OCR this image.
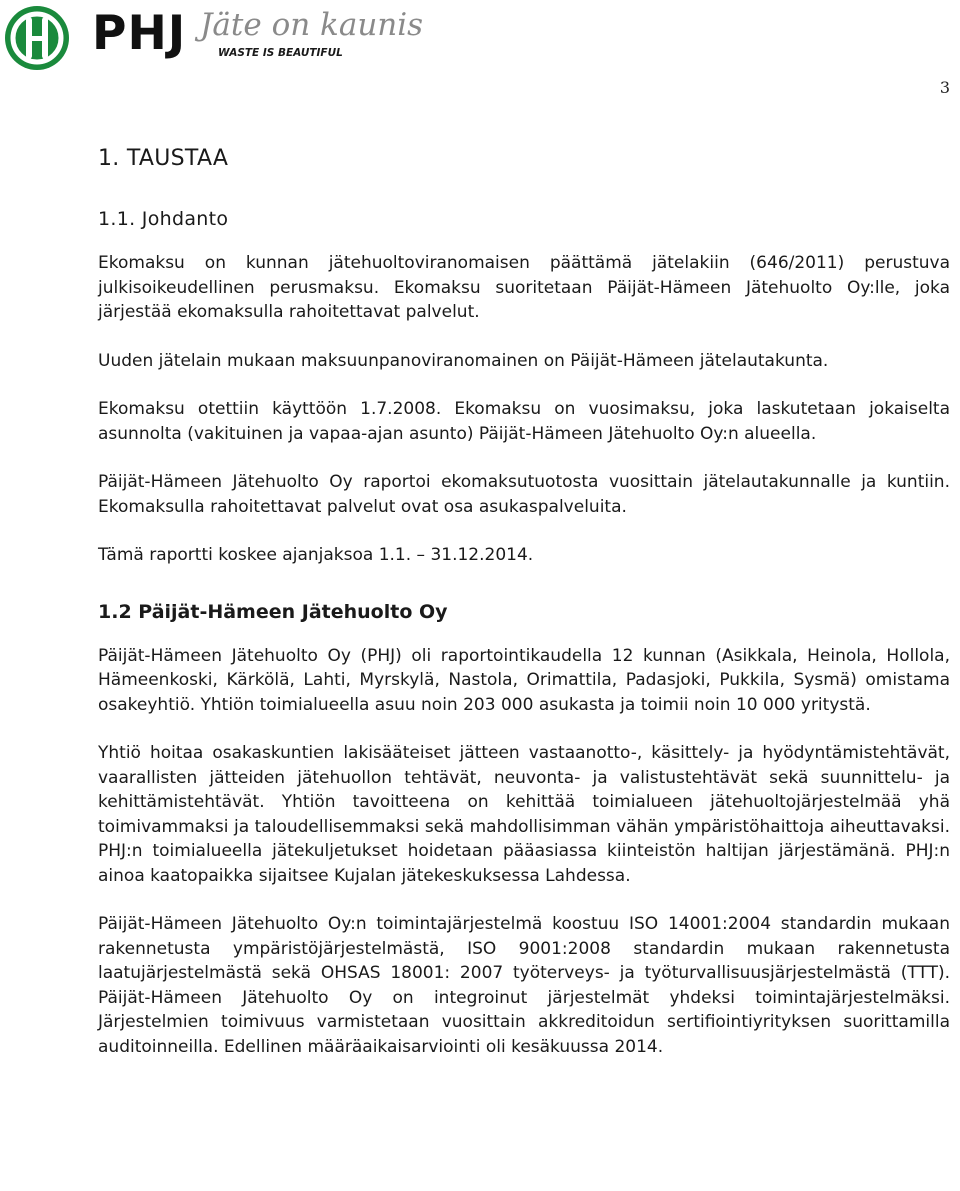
PHJ Jäte on kaunis
WASTE IS BEAUTIFUL
3
1. TAUSTAA
1.1. Johdanto

Ekomaksu on kunnan jätehuoltoviranomaisen päättämä jätelakiin (646/2011) perustuva julkisoikeudellinen perusmaksu. Ekomaksu suoritetaan Päijät-Hämeen Jätehuolto Oy:lle, joka järjestää ekomaksulla rahoitettavat palvelut.

Uuden jätelain mukaan maksuunpanoviranomainen on Päijät-Hämeen jätelautakunta.

Ekomaksu otettiin käyttöön 1.7.2008. Ekomaksu on vuosimaksu, joka laskutetaan jokaiselta asunnolta (vakituinen ja vapaa-ajan asunto) Päijät-Hämeen Jätehuolto Oy:n alueella.

Päijät-Hämeen Jätehuolto Oy raportoi ekomaksutuotosta vuosittain jätelautakunnalle ja kuntiin. Ekomaksulla rahoitettavat palvelut ovat osa asukaspalveluita.

Tämä raportti koskee ajanjaksoa 1.1. – 31.12.2014.

1.2 Päijät-Hämeen Jätehuolto Oy

Päijät-Hämeen Jätehuolto Oy (PHJ) oli raportointikaudella 12 kunnan (Asikkala, Heinola, Hollola, Hämeenkoski, Kärkölä, Lahti, Myrskylä, Nastola, Orimattila, Padasjoki, Pukkila, Sysmä) omistama osakeyhtiö. Yhtiön toimialueella asuu noin 203 000 asukasta ja toimii noin 10 000 yritystä.

Yhtiö hoitaa osakaskuntien lakisääteiset jätteen vastaanotto-, käsittely- ja hyödyntämistehtävät, vaarallisten jätteiden jätehuollon tehtävät, neuvonta- ja valistustehtävät sekä suunnittelu- ja kehittämistehtävät. Yhtiön tavoitteena on kehittää toimialueen jätehuoltojärjestelmää yhä toimivammaksi ja taloudellisemmaksi sekä mahdollisimman vähän ympäristöhaittoja aiheuttavaksi. PHJ:n toimialueella jätekuljetukset hoidetaan pääasiassa kiinteistön haltijan järjestämänä. PHJ:n ainoa kaatopaikka sijaitsee Kujalan jätekeskuksessa Lahdessa.

Päijät-Hämeen Jätehuolto Oy:n toimintajärjestelmä koostuu ISO 14001:2004 standardin mukaan rakennetusta ympäristöjärjestelmästä, ISO 9001:2008 standardin mukaan rakennetusta laatujärjestelmästä sekä OHSAS 18001: 2007 työterveys- ja työturvallisuusjärjestelmästä (TTT). Päijät-Hämeen Jätehuolto Oy on integroinut järjestelmät yhdeksi toimintajärjestelmäksi. Järjestelmien toimivuus varmistetaan vuosittain akkreditoidun sertifiointiyrityksen suorittamilla auditoinneilla. Edellinen määräaikaisarviointi oli kesäkuussa 2014.
